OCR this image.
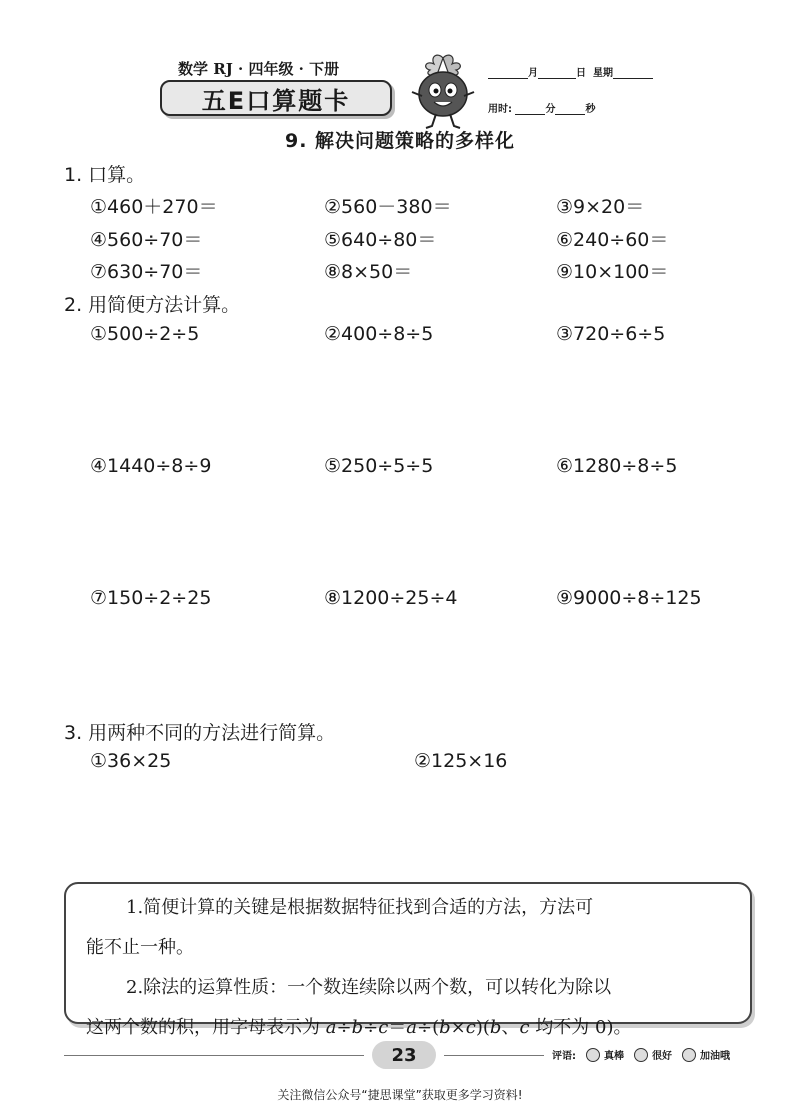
数学 RJ · 四年级 · 下册
五E口算题卡
月	日 星期
用时:	分	秒
9. 解决问题策略的多样化
1. 口算。
①460＋270＝	②560－380＝	③9×20＝
④560÷70＝	⑤640÷80＝	⑥240÷60＝
⑦630÷70＝	⑧8×50＝	⑨10×100＝
2. 用简便方法计算。
①500÷2÷5	②400÷8÷5	③720÷6÷5
④1440÷8÷9	⑤250÷5÷5	⑥1280÷8÷5
⑦150÷2÷25	⑧1200÷25÷4	⑨9000÷8÷125
3. 用两种不同的方法进行简算。
①36×25	②125×16
1.简便计算的关键是根据数据特征找到合适的方法，方法可
能不止一种。
2.除法的运算性质：一个数连续除以两个数，可以转化为除以
这两个数的积，用字母表示为 a÷b÷c＝a÷(b×c)(b、c 均不为 0)。
23	评语:	真棒	很好	加油哦
关注微信公众号“捷思课堂”获取更多学习资料!
